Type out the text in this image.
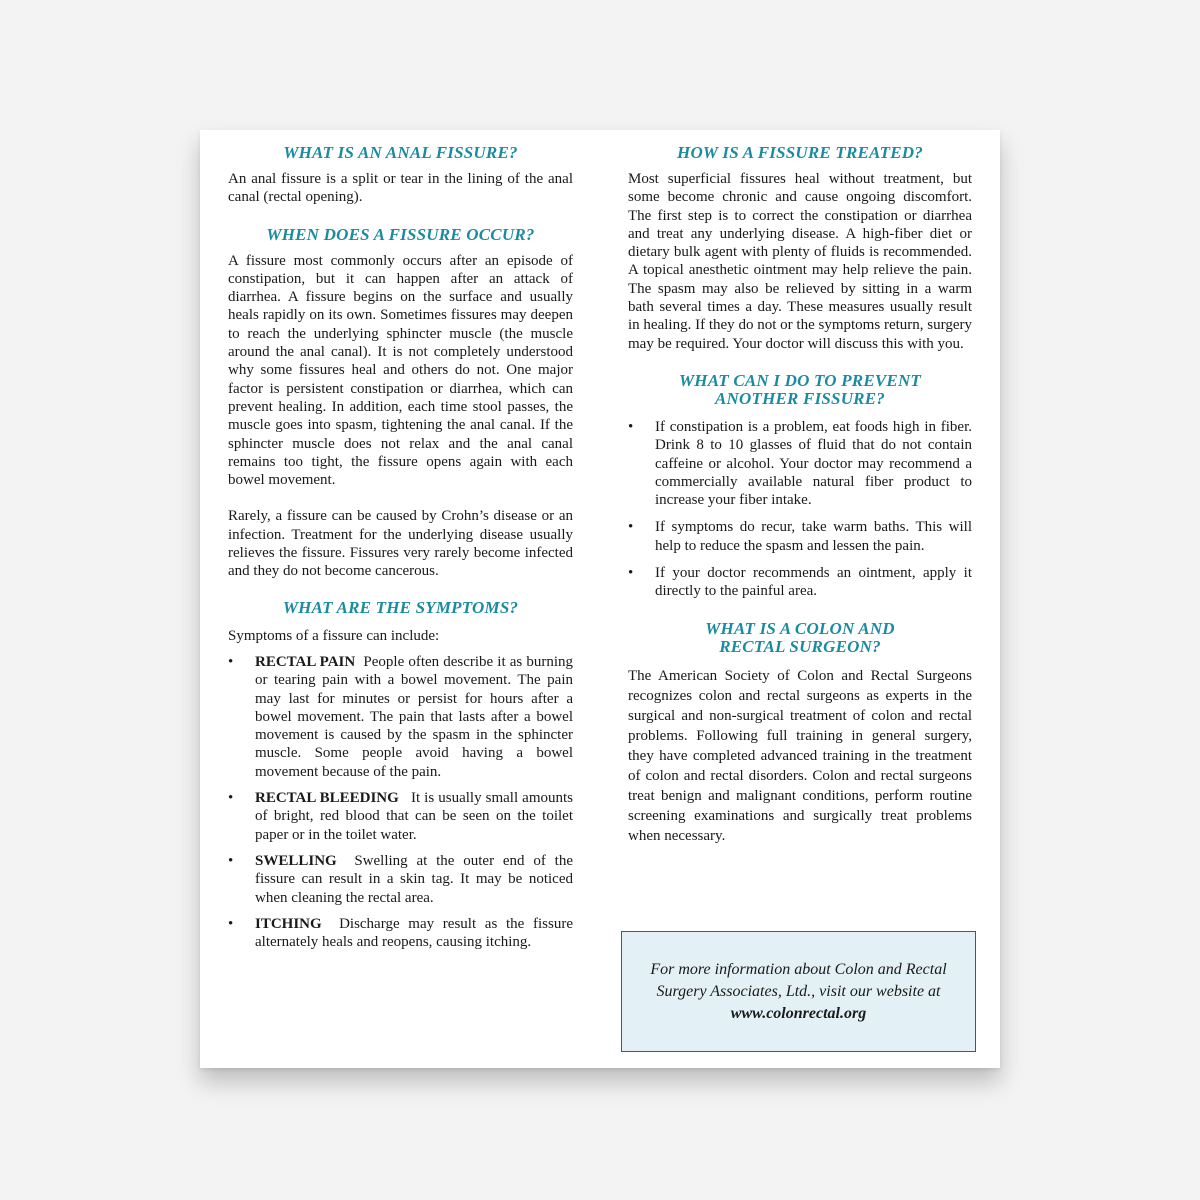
WHAT IS AN ANAL FISSURE?

An anal fissure is a split or tear in the lining of the anal canal (rectal opening).

WHEN DOES A FISSURE OCCUR?

A fissure most commonly occurs after an episode of constipation, but it can happen after an attack of diarrhea. A fissure begins on the surface and usually heals rapidly on its own. Sometimes fissures may deepen to reach the underlying sphincter muscle (the muscle around the anal canal). It is not completely understood why some fissures heal and others do not. One major factor is persistent constipation or diarrhea, which can prevent healing. In addition, each time stool passes, the muscle goes into spasm, tightening the anal canal. If the sphincter muscle does not relax and the anal canal remains too tight, the fissure opens again with each bowel movement.

Rarely, a fissure can be caused by Crohn’s disease or an infection. Treatment for the underlying disease usually relieves the fissure. Fissures very rarely become infected and they do not become cancerous.

WHAT ARE THE SYMPTOMS?

Symptoms of a fissure can include:

• RECTAL PAIN People often describe it as burning or tearing pain with a bowel movement. The pain may last for minutes or persist for hours after a bowel movement. The pain that lasts after a bowel movement is caused by the spasm in the sphincter muscle. Some people avoid having a bowel movement because of the pain.
• RECTAL BLEEDING It is usually small amounts of bright, red blood that can be seen on the toilet paper or in the toilet water.
• SWELLING Swelling at the outer end of the fissure can result in a skin tag. It may be noticed when cleaning the rectal area.
• ITCHING Discharge may result as the fissure alternately heals and reopens, causing itching.
HOW IS A FISSURE TREATED?

Most superficial fissures heal without treatment, but some become chronic and cause ongoing discomfort. The first step is to correct the constipation or diarrhea and treat any underlying disease. A high-fiber diet or dietary bulk agent with plenty of fluids is recommended. A topical anesthetic ointment may help relieve the pain. The spasm may also be relieved by sitting in a warm bath several times a day. These measures usually result in healing. If they do not or the symptoms return, surgery may be required. Your doctor will discuss this with you.

WHAT CAN I DO TO PREVENT
ANOTHER FISSURE?
• If constipation is a problem, eat foods high in fiber. Drink 8 to 10 glasses of fluid that do not contain caffeine or alcohol. Your doctor may recommend a commercially available natural fiber product to increase your fiber intake.
• If symptoms do recur, take warm baths. This will help to reduce the spasm and lessen the pain.
• If your doctor recommends an ointment, apply it directly to the painful area.
WHAT IS A COLON AND
RECTAL SURGEON?

The American Society of Colon and Rectal Surgeons recognizes colon and rectal surgeons as experts in the surgical and non-surgical treatment of colon and rectal problems. Following full training in general surgery, they have completed advanced training in the treatment of colon and rectal disorders. Colon and rectal surgeons treat benign and malignant conditions, perform routine screening examinations and surgically treat problems when necessary.

For more information about Colon and Rectal Surgery Associates, Ltd., visit our website at www.colonrectal.org
